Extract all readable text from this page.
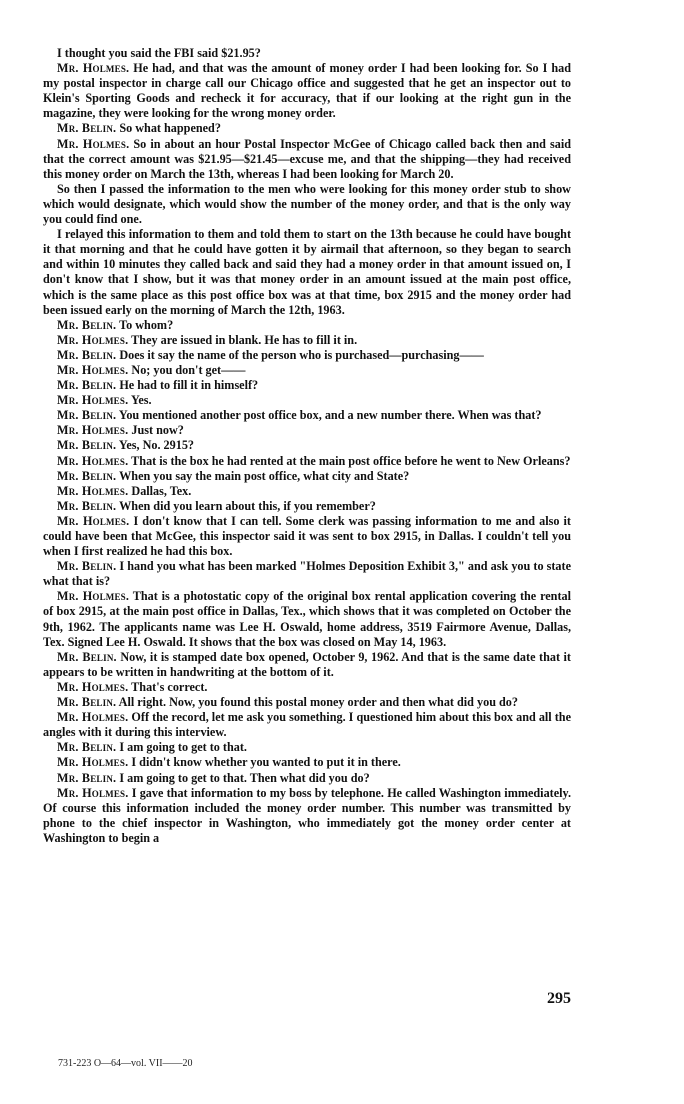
I thought you said the FBI said $21.95?

Mr. Holmes. He had, and that was the amount of money order I had been looking for. So I had my postal inspector in charge call our Chicago office and suggested that he get an inspector out to Klein's Sporting Goods and recheck it for accuracy, that if our looking at the right gun in the magazine, they were looking for the wrong money order.

Mr. Belin. So what happened?

Mr. Holmes. So in about an hour Postal Inspector McGee of Chicago called back then and said that the correct amount was $21.95—$21.45—excuse me, and that the shipping—they had received this money order on March the 13th, whereas I had been looking for March 20.

So then I passed the information to the men who were looking for this money order stub to show which would designate, which would show the number of the money order, and that is the only way you could find one.

I relayed this information to them and told them to start on the 13th because he could have bought it that morning and that he could have gotten it by airmail that afternoon, so they began to search and within 10 minutes they called back and said they had a money order in that amount issued on, I don't know that I show, but it was that money order in an amount issued at the main post office, which is the same place as this post office box was at that time, box 2915 and the money order had been issued early on the morning of March the 12th, 1963.

Mr. Belin. To whom?

Mr. Holmes. They are issued in blank. He has to fill it in.

Mr. Belin. Does it say the name of the person who is purchased—purchasing——

Mr. Holmes. No; you don't get——

Mr. Belin. He had to fill it in himself?

Mr. Holmes. Yes.

Mr. Belin. You mentioned another post office box, and a new number there. When was that?

Mr. Holmes. Just now?

Mr. Belin. Yes, No. 2915?

Mr. Holmes. That is the box he had rented at the main post office before he went to New Orleans?

Mr. Belin. When you say the main post office, what city and State?

Mr. Holmes. Dallas, Tex.

Mr. Belin. When did you learn about this, if you remember?

Mr. Holmes. I don't know that I can tell. Some clerk was passing information to me and also it could have been that McGee, this inspector said it was sent to box 2915, in Dallas. I couldn't tell you when I first realized he had this box.

Mr. Belin. I hand you what has been marked "Holmes Deposition Exhibit 3," and ask you to state what that is?

Mr. Holmes. That is a photostatic copy of the original box rental application covering the rental of box 2915, at the main post office in Dallas, Tex., which shows that it was completed on October the 9th, 1962. The applicants name was Lee H. Oswald, home address, 3519 Fairmore Avenue, Dallas, Tex. Signed Lee H. Oswald. It shows that the box was closed on May 14, 1963.

Mr. Belin. Now, it is stamped date box opened, October 9, 1962. And that is the same date that it appears to be written in handwriting at the bottom of it.

Mr. Holmes. That's correct.

Mr. Belin. All right. Now, you found this postal money order and then what did you do?

Mr. Holmes. Off the record, let me ask you something. I questioned him about this box and all the angles with it during this interview.

Mr. Belin. I am going to get to that.

Mr. Holmes. I didn't know whether you wanted to put it in there.

Mr. Belin. I am going to get to that. Then what did you do?

Mr. Holmes. I gave that information to my boss by telephone. He called Washington immediately. Of course this information included the money order number. This number was transmitted by phone to the chief inspector in Washington, who immediately got the money order center at Washington to begin a

295
731-223 O—64—vol. VII——20
